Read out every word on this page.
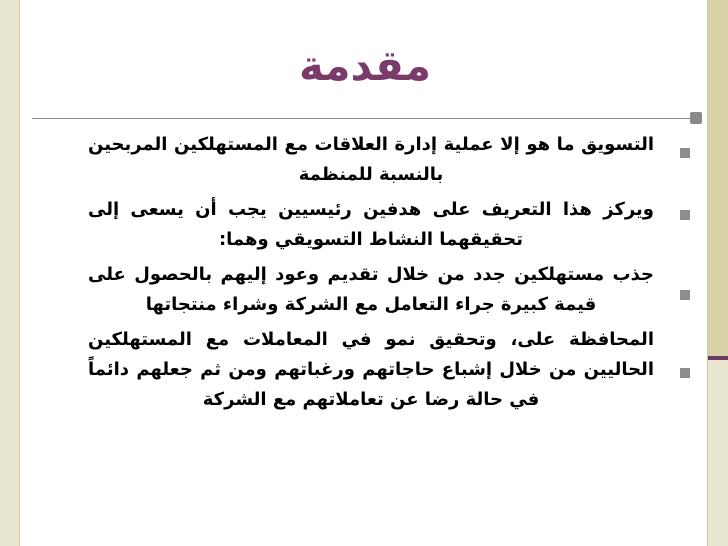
مقدمة
التسويق ما هو إلا عملية إدارة العلاقات مع المستهلكين المربحين بالنسبة للمنظمة
ويركز هذا التعريف على هدفين رئيسيين يجب أن يسعى إلى تحقيقهما النشاط التسويقي وهما:
جذب مستهلكين جدد من خلال تقديم وعود إليهم بالحصول على قيمة كبيرة جراء التعامل مع الشركة وشراء منتجاتها
المحافظة على، وتحقيق نمو في المعاملات مع المستهلكين الحاليين من خلال إشباع حاجاتهم ورغباتهم ومن ثم جعلهم دائماً في حالة رضا عن تعاملاتهم مع الشركة
